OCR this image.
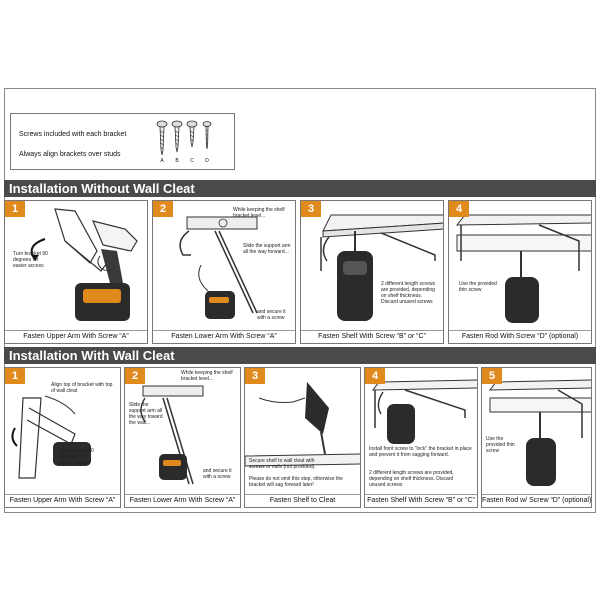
Screws included with each bracket
Always align brackets over studs
A	B	C	D
Installation Without Wall Cleat
1
Turn bracket 90 degrees for easier access
Fasten Upper Arm With Screw “A”
2	While keeping the shelf bracket level...
Slide the support arm all the way forward...
and secure it with a screw
Fasten Lower Arm With Screw “A”
3
2 different length screws are provided, depending on shelf thickness. Discard unused screws
Fasten Shelf With Screw “B” or “C”
4
Use the provided thin screw
Fasten Rod With Screw “D” (optional)
Installation With Wall Cleat
1
Align top of bracket with top of wall cleat
Turn bracket 90 degrees for easier access
Fasten Upper Arm With Screw “A”
2	While keeping the shelf bracket level...
Slide the support arm all the way toward the wall...
and secure it with a screw
Fasten Lower Arm With Screw “A”
3
Secure shelf to wall cleat with screws or nails (not provided).
Please do not omit this step, otherwise the bracket will sag forward later!
Fasten Shelf to Cleat
4
Install front screw to “lock” the bracket in place and prevent it from sagging forward.
2 different length screws are provided, depending on shelf thickness. Discard unused screws
Fasten Shelf With Screw “B” or “C”
5
Use the provided thin screw
Fasten Rod w/ Screw “D” (optional)
